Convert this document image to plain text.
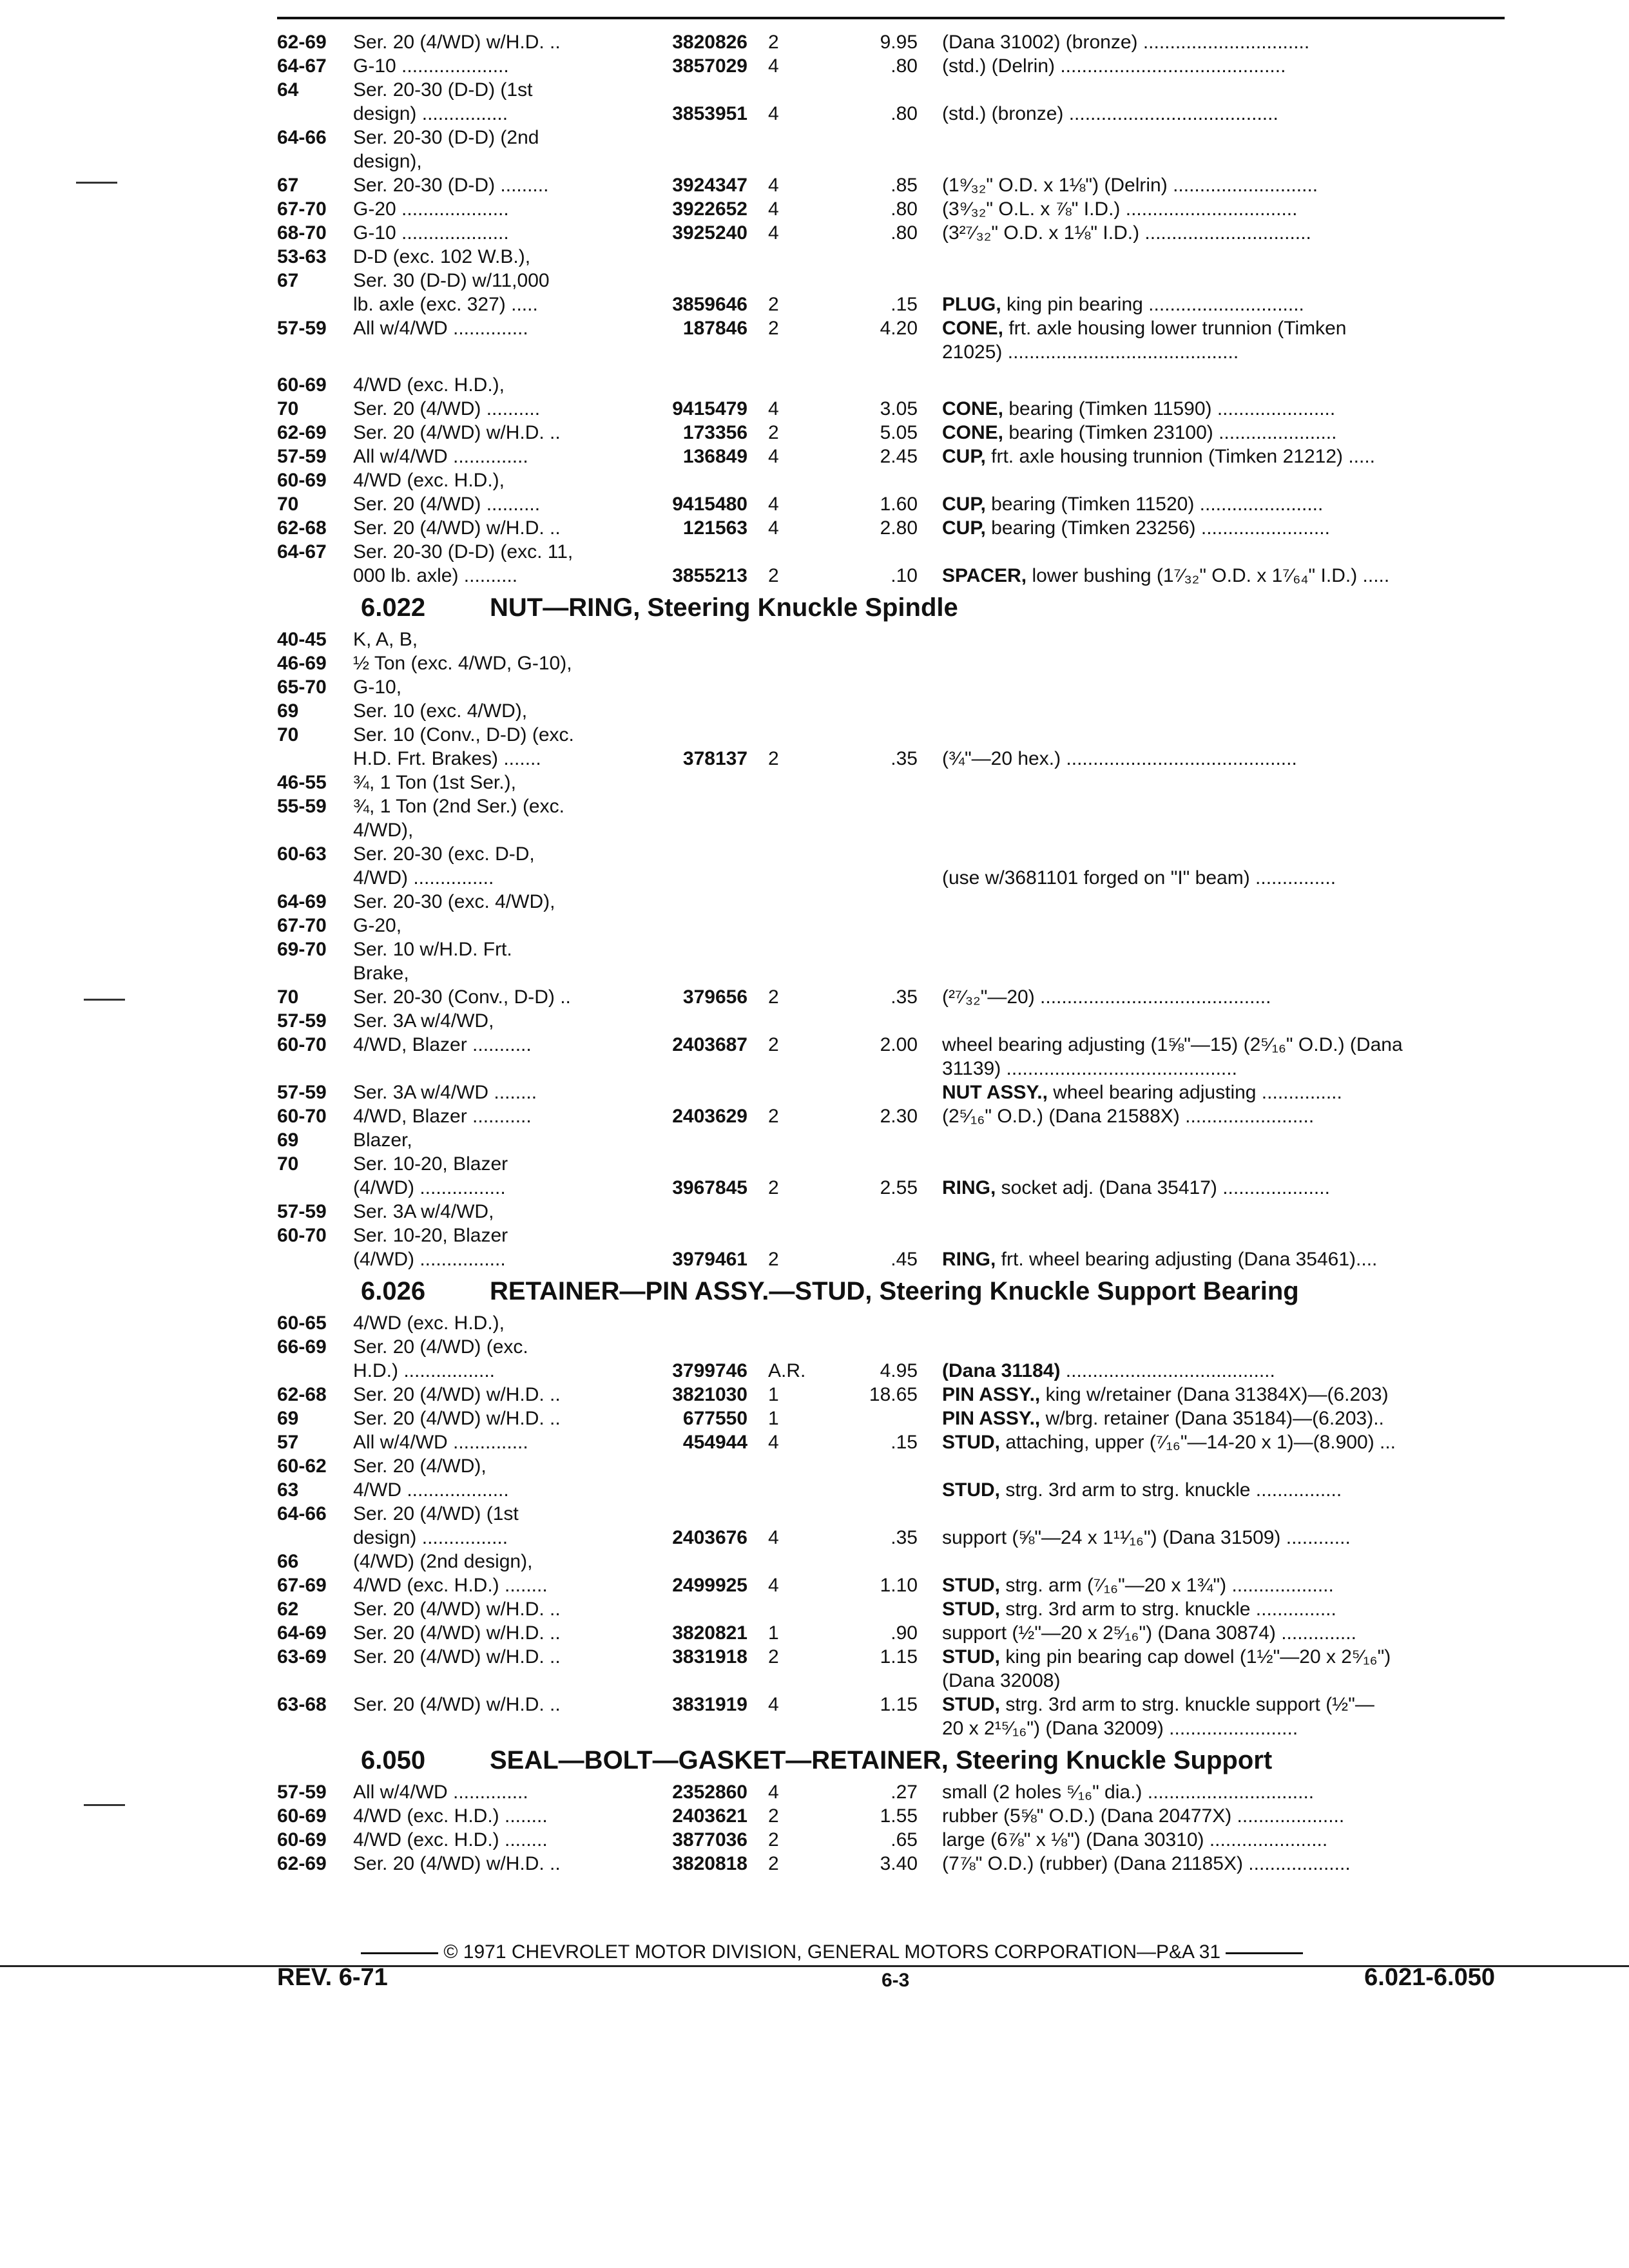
62-69 Ser. 20 (4/WD) w/H.D. ..	3820826 2	9.95 (Dana 31002) (bronze) ...............................
64-67 G-10 ....................	3857029 4	.80 (std.) (Delrin) ..........................................
64	Ser. 20-30 (D-D) (1st
design) ................	3853951 4	.80 (std.) (bronze) .......................................
64-66 Ser. 20-30 (D-D) (2nd
design),
67	Ser. 20-30 (D-D) .........	3924347 4	.85 (1⁹⁄₃₂" O.D. x 1⅛") (Delrin) ...........................
67-70 G-20 ....................	3922652 4	.80 (3⁹⁄₃₂" O.L. x ⅞" I.D.) ................................
68-70 G-10 ....................	3925240 4	.80 (3²⁷⁄₃₂" O.D. x 1⅛" I.D.) ...............................
53-63 D-D (exc. 102 W.B.),
67	Ser. 30 (D-D) w/11,000
lb. axle (exc. 327) .....	3859646 2	.15 PLUG, king pin bearing .............................
57-59 All w/4/WD ..............	187846 2	4.20 CONE, frt. axle housing lower trunnion (Timken
21025) ...........................................
60-69 4/WD (exc. H.D.),
70	Ser. 20 (4/WD) ..........	9415479 4	3.05 CONE, bearing (Timken 11590) ......................
62-69 Ser. 20 (4/WD) w/H.D. ..	173356 2	5.05 CONE, bearing (Timken 23100) ......................
57-59 All w/4/WD ..............	136849 4	2.45 CUP, frt. axle housing trunnion (Timken 21212) .....
60-69 4/WD (exc. H.D.),
70	Ser. 20 (4/WD) ..........	9415480 4	1.60 CUP, bearing (Timken 11520) .......................
62-68 Ser. 20 (4/WD) w/H.D. ..	121563 4	2.80 CUP, bearing (Timken 23256) ........................
64-67 Ser. 20-30 (D-D) (exc. 11,
000 lb. axle) ..........	3855213 2	.10 SPACER, lower bushing (1⁷⁄₃₂" O.D. x 1⁷⁄₆₄" I.D.) .....
6.022 NUT—RING, Steering Knuckle Spindle
40-45 K, A, B,
46-69 ½ Ton (exc. 4/WD, G-10),
65-70 G-10,
69	Ser. 10 (exc. 4/WD),
70	Ser. 10 (Conv., D-D) (exc.
H.D. Frt. Brakes) .......	378137 2	.35 (¾"—20 hex.) ...........................................
46-55 ¾, 1 Ton (1st Ser.),
55-59 ¾, 1 Ton (2nd Ser.) (exc.
4/WD),
60-63 Ser. 20-30 (exc. D-D,
4/WD) ...............	(use w/3681101 forged on "I" beam) ...............
64-69 Ser. 20-30 (exc. 4/WD),
67-70 G-20,
69-70 Ser. 10 w/H.D. Frt.
Brake,
70	Ser. 20-30 (Conv., D-D) ..	379656 2	.35 (²⁷⁄₃₂"—20) ...........................................
57-59 Ser. 3A w/4/WD,
60-70 4/WD, Blazer ...........	2403687 2	2.00 wheel bearing adjusting (1⅝"—15) (2⁵⁄₁₆" O.D.) (Dana
31139) ...........................................
57-59 Ser. 3A w/4/WD ........	NUT ASSY., wheel bearing adjusting ...............
60-70 4/WD, Blazer ...........	2403629 2	2.30 (2⁵⁄₁₆" O.D.) (Dana 21588X) ........................
69	Blazer,
70	Ser. 10-20, Blazer
(4/WD) ................	3967845 2	2.55 RING, socket adj. (Dana 35417) ....................
57-59 Ser. 3A w/4/WD,
60-70 Ser. 10-20, Blazer
(4/WD) ................	3979461 2	.45 RING, frt. wheel bearing adjusting (Dana 35461)....
6.026 RETAINER—PIN ASSY.—STUD, Steering Knuckle Support Bearing
60-65 4/WD (exc. H.D.),
66-69 Ser. 20 (4/WD) (exc.
H.D.) .................	3799746 A.R.	4.95 (Dana 31184) .......................................
62-68 Ser. 20 (4/WD) w/H.D. ..	3821030 1	18.65 PIN ASSY., king w/retainer (Dana 31384X)—(6.203)
69	Ser. 20 (4/WD) w/H.D. ..	677550 1	PIN ASSY., w/brg. retainer (Dana 35184)—(6.203)..
57	All w/4/WD ..............	454944 4	.15 STUD, attaching, upper (⁷⁄₁₆"—14-20 x 1)—(8.900) ...
60-62 Ser. 20 (4/WD),
63	4/WD ...................	STUD, strg. 3rd arm to strg. knuckle ................
64-66 Ser. 20 (4/WD) (1st
design) ................	2403676 4	.35 support (⅝"—24 x 1¹¹⁄₁₆") (Dana 31509) ............
66	(4/WD) (2nd design),
67-69 4/WD (exc. H.D.) ........	2499925 4	1.10 STUD, strg. arm (⁷⁄₁₆"—20 x 1¾") ...................
62	Ser. 20 (4/WD) w/H.D. ..	STUD, strg. 3rd arm to strg. knuckle ...............
64-69 Ser. 20 (4/WD) w/H.D. ..	3820821 1	.90 support (½"—20 x 2⁵⁄₁₆") (Dana 30874) ..............
63-69 Ser. 20 (4/WD) w/H.D. ..	3831918 2	1.15 STUD, king pin bearing cap dowel (1½"—20 x 2⁵⁄₁₆")
(Dana 32008)
63-68 Ser. 20 (4/WD) w/H.D. ..	3831919 4	1.15 STUD, strg. 3rd arm to strg. knuckle support (½"—
20 x 2¹⁵⁄₁₆") (Dana 32009) ........................
6.050 SEAL—BOLT—GASKET—RETAINER, Steering Knuckle Support
57-59 All w/4/WD ..............	2352860 4	.27 small (2 holes ⁵⁄₁₆" dia.) ...............................
60-69 4/WD (exc. H.D.) ........	2403621 2	1.55 rubber (5⅝" O.D.) (Dana 20477X) ....................
60-69 4/WD (exc. H.D.) ........	3877036 2	.65 large (6⅞" x ⅛") (Dana 30310) ......................
62-69 Ser. 20 (4/WD) w/H.D. ..	3820818 2	3.40 (7⅞" O.D.) (rubber) (Dana 21185X) ...................
© 1971 CHEVROLET MOTOR DIVISION, GENERAL MOTORS CORPORATION—P&A 31
REV. 6-71	6-3	6.021-6.050
